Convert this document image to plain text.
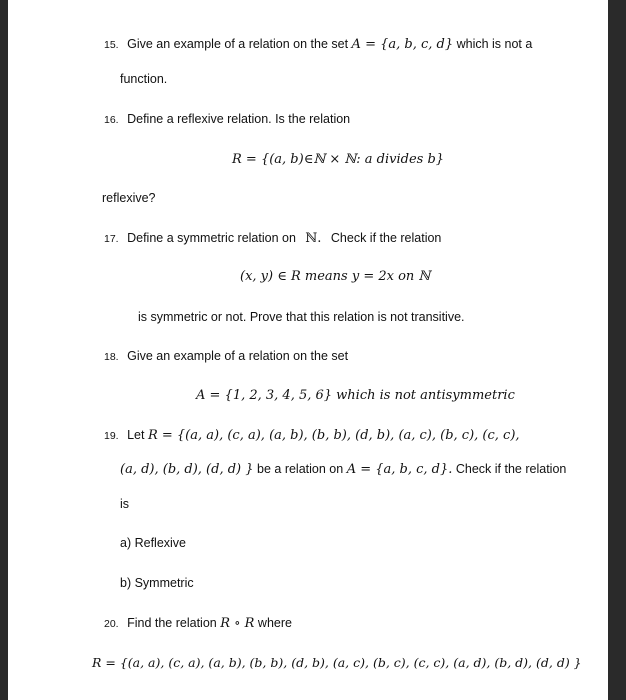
15. Give an example of a relation on the set A = {a, b, c, d} which is not a
function.
16. Define a reflexive relation. Is the relation
R = {(a, b)∈ℕ × ℕ: a divides b}
reflexive?
17. Define a symmetric relation on ℕ. Check if the relation
(x, y) ∈ R means y = 2x on ℕ
is symmetric or not. Prove that this relation is not transitive.
18. Give an example of a relation on the set
A = {1, 2, 3, 4, 5, 6} which is not antisymmetric
19. Let R = {(a, a), (c, a), (a, b), (b, b), (d, b), (a, c), (b, c), (c, c),
(a, d), (b, d), (d, d) } be a relation on A = {a, b, c, d}. Check if the relation
is
a) Reflexive
b) Symmetric
20. Find the relation R ∘ R where
R = {(a, a), (c, a), (a, b), (b, b), (d, b), (a, c), (b, c), (c, c), (a, d), (b, d), (d, d) }
